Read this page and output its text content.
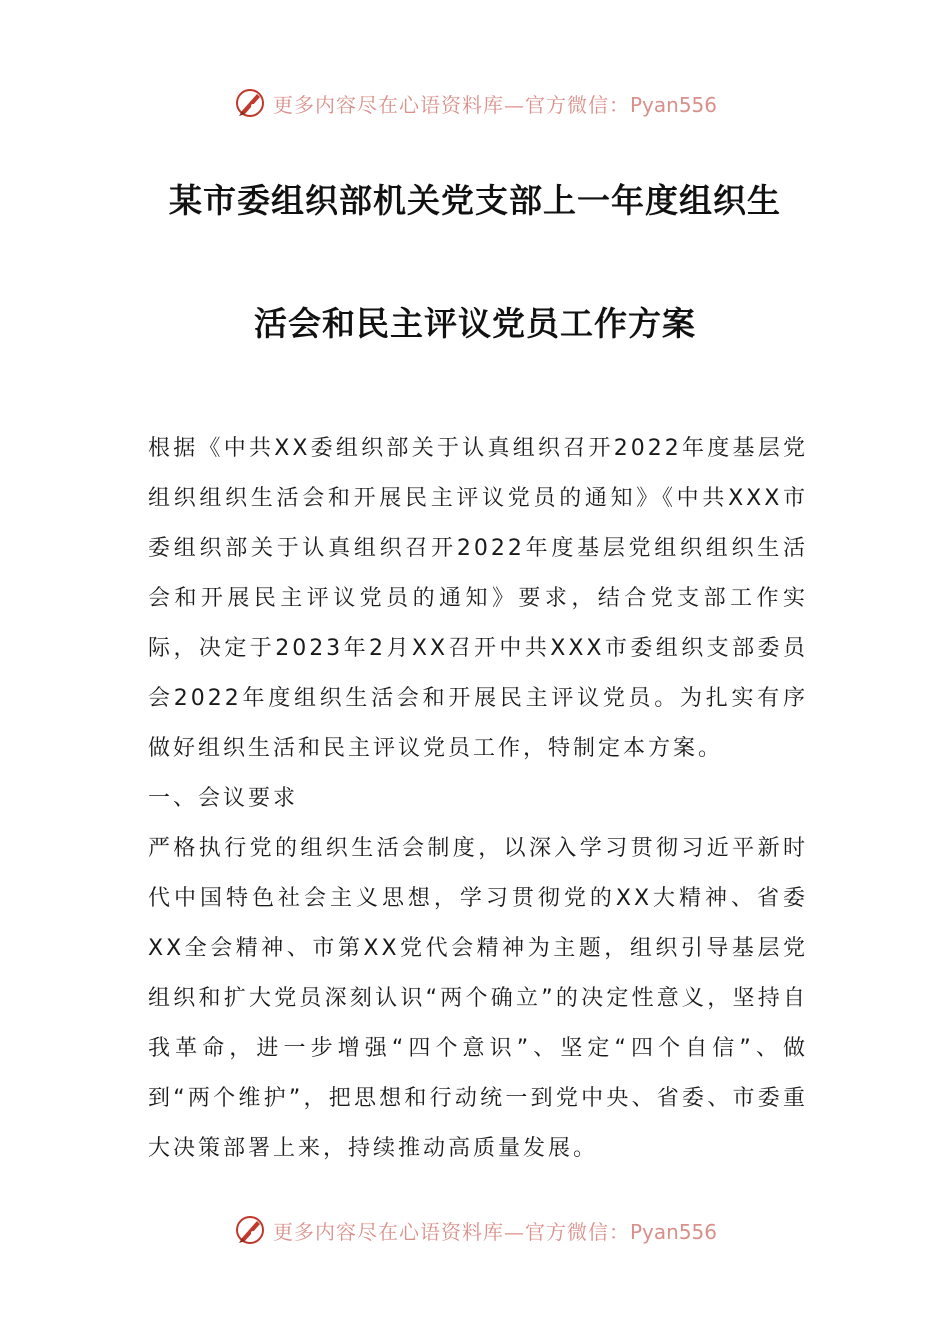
更多内容尽在心语资料库—官方微信：Pyan556
某市委组织部机关党支部上一年度组织生
活会和民主评议党员工作方案

根据《中共XX委组织部关于认真组织召开2022年度基层党组织组织生活会和开展民主评议党员的通知》《中共XXX市委组织部关于认真组织召开2022年度基层党组织组织生活会和开展民主评议党员的通知》要求，结合党支部工作实际，决定于2023年2月XX召开中共XXX市委组织支部委员会2022年度组织生活会和开展民主评议党员。为扎实有序做好组织生活和民主评议党员工作，特制定本方案。

一、会议要求

严格执行党的组织生活会制度，以深入学习贯彻习近平新时代中国特色社会主义思想，学习贯彻党的XX大精神、省委XX全会精神、市第XX党代会精神为主题，组织引导基层党组织和扩大党员深刻认识“两个确立”的决定性意义，坚持自我革命，进一步增强“四个意识”、坚定“四个自信”、做到“两个维护”，把思想和行动统一到党中央、省委、市委重大决策部署上来，持续推动高质量发展。

更多内容尽在心语资料库—官方微信：Pyan556
